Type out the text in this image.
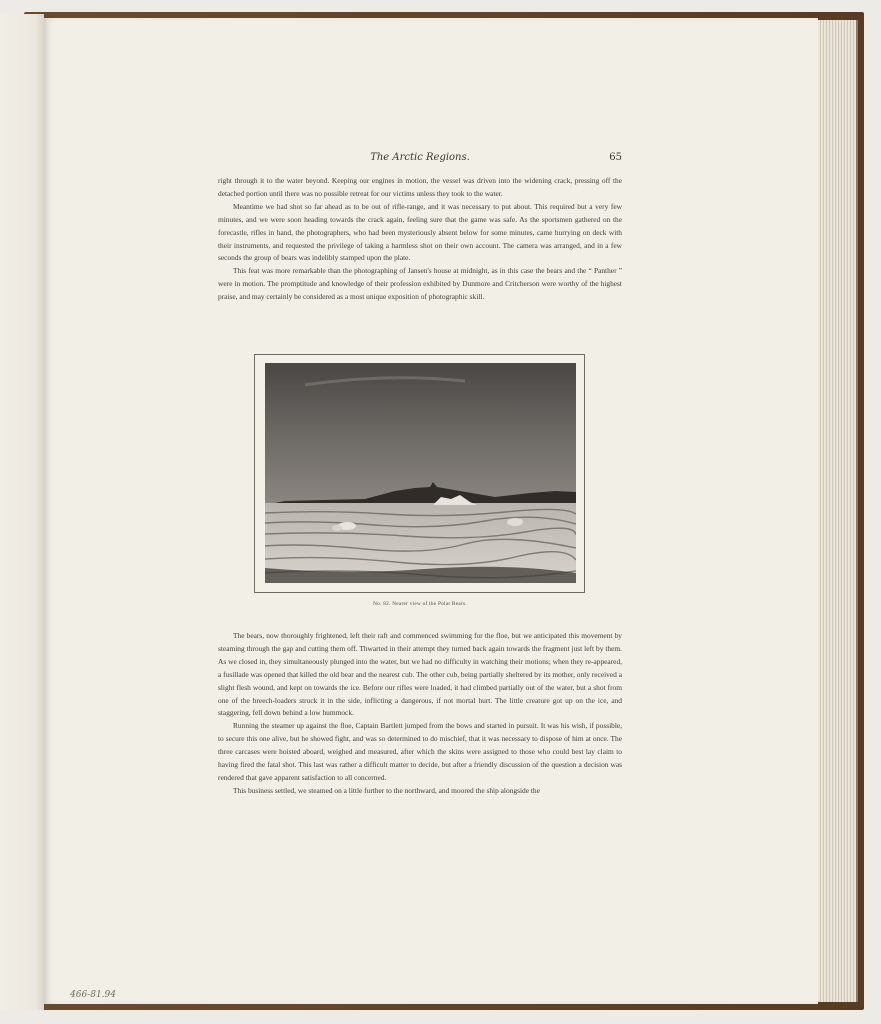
The Arctic Regions.	65

right through it to the water beyond. Keeping our engines in motion, the vessel was driven into the widening crack, pressing off the detached portion until there was no possible retreat for our victims unless they took to the water.

Meantime we had shot so far ahead as to be out of rifle-range, and it was necessary to put about. This required but a very few minutes, and we were soon heading towards the crack again, feeling sure that the game was safe. As the sportsmen gathered on the forecastle, rifles in hand, the photographers, who had been mysteriously absent below for some minutes, came hurrying on deck with their instruments, and requested the privilege of taking a harmless shot on their own account. The camera was arranged, and in a few seconds the group of bears was indelibly stamped upon the plate.

This feat was more remarkable than the photographing of Jansen's house at midnight, as in this case the bears and the “ Panther ” were in motion. The promptitude and knowledge of their profession exhibited by Dunmore and Critcherson were worthy of the highest praise, and may certainly be considered as a most unique exposition of photographic skill.

No. 82. Nearer view of the Polar Bears.

The bears, now thoroughly frightened, left their raft and commenced swimming for the floe, but we anticipated this movement by steaming through the gap and cutting them off. Thwarted in their attempt they turned back again towards the fragment just left by them. As we closed in, they simultaneously plunged into the water, but we had no difficulty in watching their motions; when they re-appeared, a fusillade was opened that killed the old bear and the nearest cub. The other cub, being partially sheltered by its mother, only received a slight flesh wound, and kept on towards the ice. Before our rifles were loaded, it had climbed partially out of the water, but a shot from one of the breech-loaders struck it in the side, inflicting a dangerous, if not mortal hurt. The little creature got up on the ice, and staggering, fell down behind a low hummock.

Running the steamer up against the floe, Captain Bartlett jumped from the bows and started in pursuit. It was his wish, if possible, to secure this one alive, but he showed fight, and was so determined to do mischief, that it was necessary to dispose of him at once. The three carcases were hoisted aboard, weighed and measured, after which the skins were assigned to those who could best lay claim to having fired the fatal shot. This last was rather a difficult matter to decide, but after a friendly discussion of the question a decision was rendered that gave apparent satisfaction to all concerned.

This business settled, we steamed on a little further to the northward, and moored the ship alongside the

466-81.94
